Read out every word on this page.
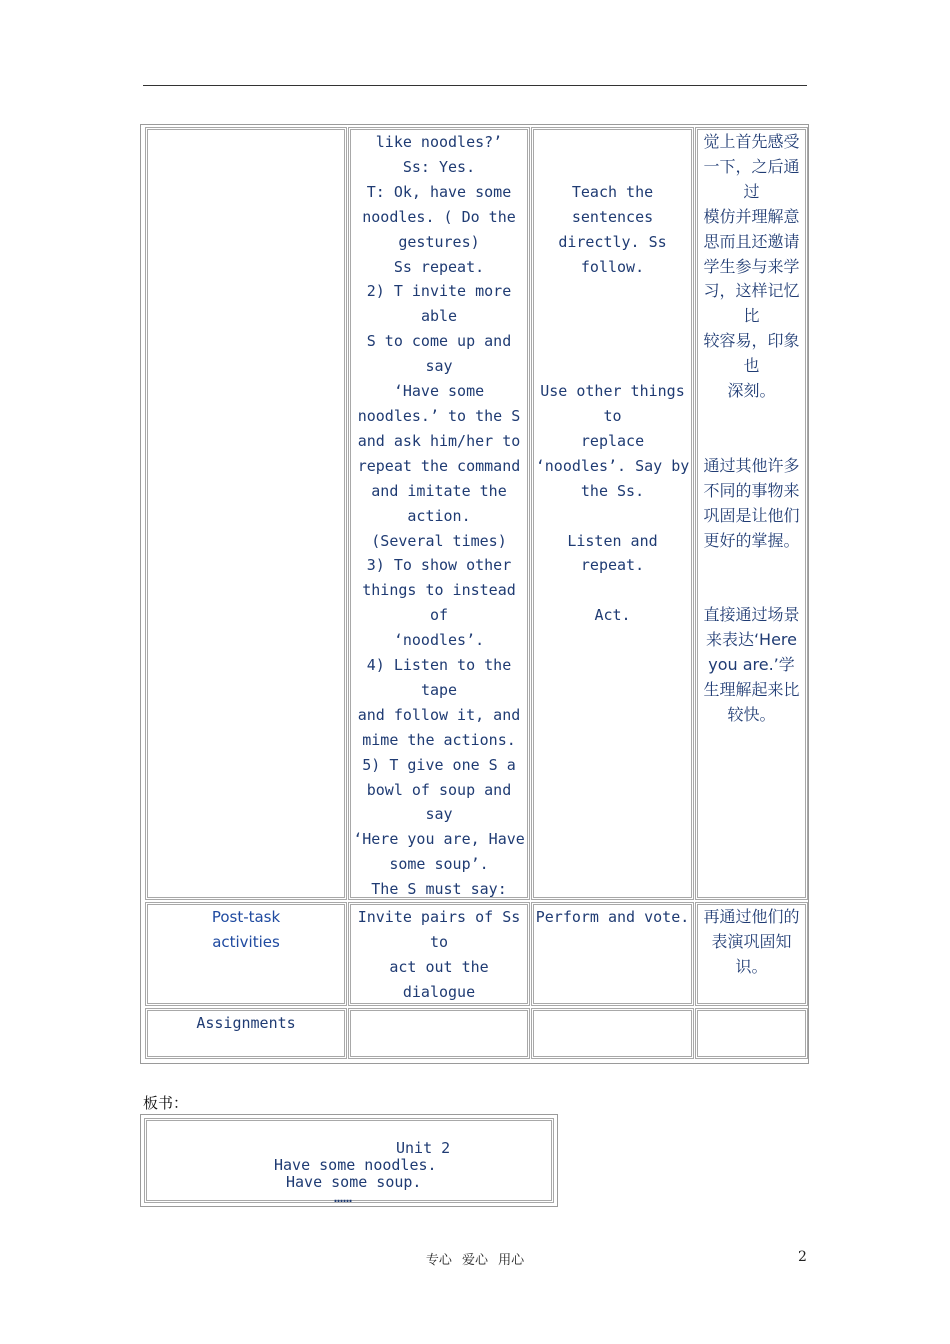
like noodles?’
Ss: Yes.
T: Ok, have some
noodles. ( Do the
gestures)
Ss repeat.
2) T invite more able
S to come up and say
‘Have some
noodles.’ to the S
and ask him/her to
repeat the command
and imitate the
action.
(Several times)
3) To show other
things to instead of
‘noodles’.
4) Listen to the tape
and follow it, and
mime the actions.
5) T give one S a
bowl of soup and say
‘Here you are, Have
some soup’.
The S must say:

Teach the sentences
directly. Ss
follow.

Use other things to
replace
‘noodles’. Say by
the Ss.

Listen and repeat.

Act.
觉上首先感受
一下，之后通过
模仿并理解意
思而且还邀请
学生参与来学
习，这样记忆比
较容易，印象也
深刻。

通过其他许多
不同的事物来
巩固是让他们
更好的掌握。

直接通过场景
来表达‘Here
you are.’学
生理解起来比
较快。
Post-task
activities
Invite pairs of Ss to
act out the dialogue

Perform and vote. 再通过他们的
表演巩固知识。
Assignments
板书：
Unit 2
Have some noodles.
Have some soup.
……
专心 爱心 用心	2
